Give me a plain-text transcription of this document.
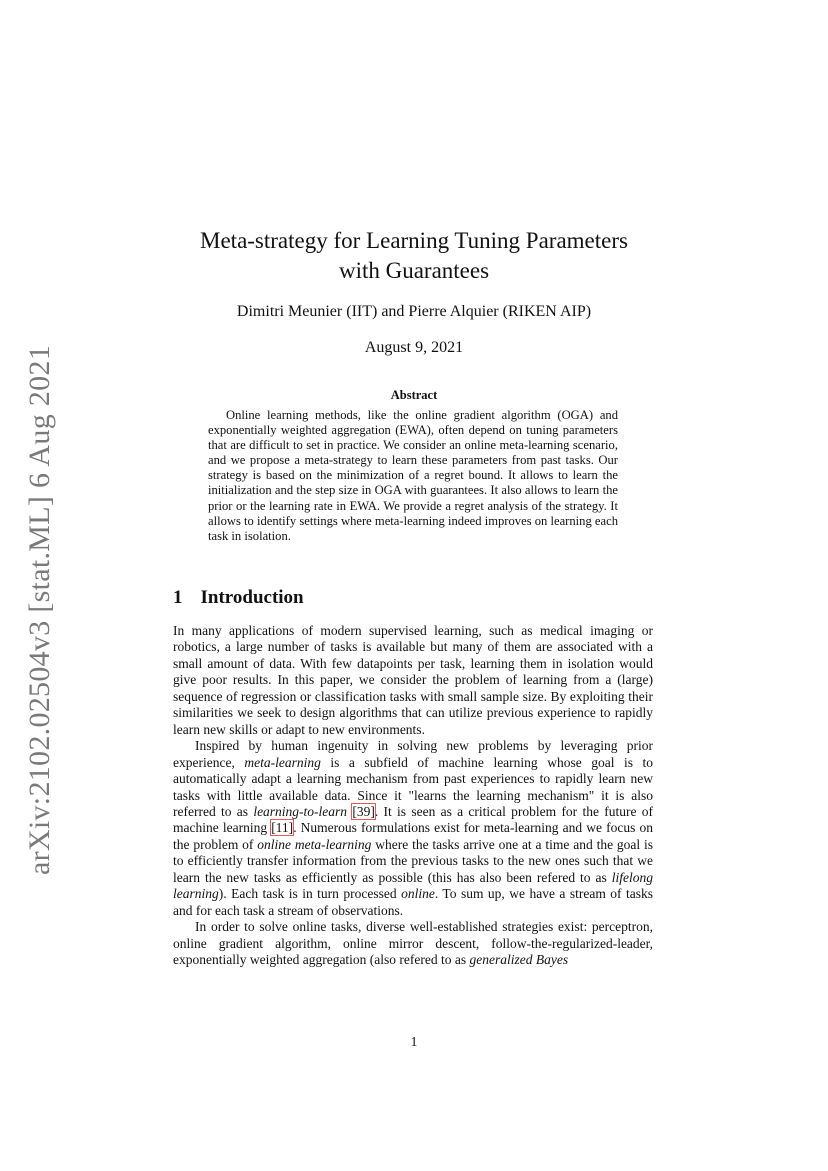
arXiv:2102.02504v3 [stat.ML] 6 Aug 2021
Meta-strategy for Learning Tuning Parameters
with Guarantees
Dimitri Meunier (IIT) and Pierre Alquier (RIKEN AIP)
August 9, 2021
Abstract
Online learning methods, like the online gradient algorithm (OGA) and exponentially weighted aggregation (EWA), often depend on tuning parameters that are difficult to set in practice. We consider an online meta-learning scenario, and we propose a meta-strategy to learn these parameters from past tasks. Our strategy is based on the minimization of a regret bound. It allows to learn the initialization and the step size in OGA with guarantees. It also allows to learn the prior or the learning rate in EWA. We provide a regret analysis of the strategy. It allows to identify settings where meta-learning indeed improves on learning each task in isolation.
1 Introduction

In many applications of modern supervised learning, such as medical imaging or robotics, a large number of tasks is available but many of them are associated with a small amount of data. With few datapoints per task, learning them in isolation would give poor results. In this paper, we consider the problem of learning from a (large) sequence of regression or classification tasks with small sample size. By exploiting their similarities we seek to design algorithms that can utilize previous experience to rapidly learn new skills or adapt to new environments.

Inspired by human ingenuity in solving new problems by leveraging prior experience, meta-learning is a subfield of machine learning whose goal is to automatically adapt a learning mechanism from past experiences to rapidly learn new tasks with little available data. Since it "learns the learning mechanism" it is also referred to as learning-to-learn [39]. It is seen as a critical problem for the future of machine learning [11]. Numerous formulations exist for meta-learning and we focus on the problem of online meta-learning where the tasks arrive one at a time and the goal is to efficiently transfer information from the previous tasks to the new ones such that we learn the new tasks as efficiently as possible (this has also been refered to as lifelong learning). Each task is in turn processed online. To sum up, we have a stream of tasks and for each task a stream of observations.

In order to solve online tasks, diverse well-established strategies exist: perceptron, online gradient algorithm, online mirror descent, follow-the-regularized-leader, exponentially weighted aggregation (also refered to as generalized Bayes

1
